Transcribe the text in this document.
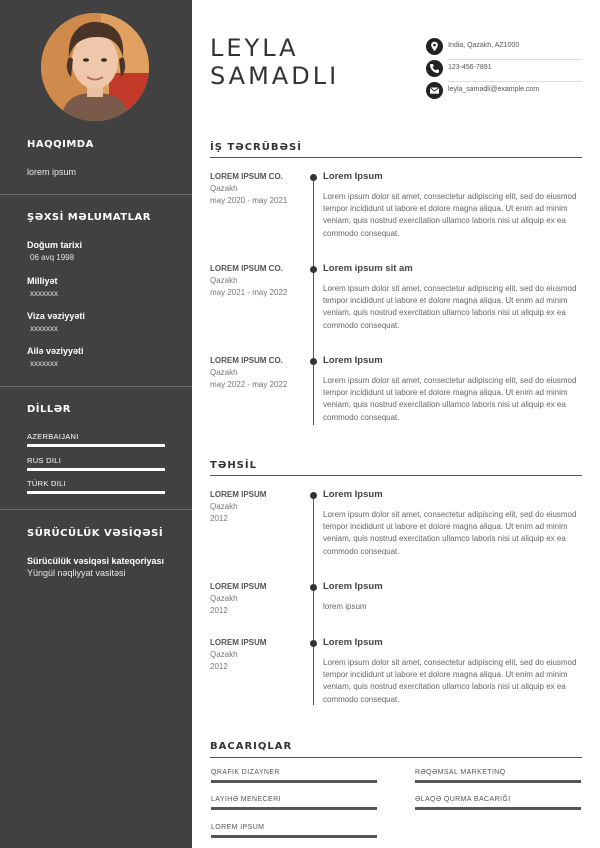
HAQQIMDA
lorem ipsum
ŞƏXSİ MƏLUMATLAR
Doğum tarixi
06 avq 1998
Milliyət
xxxxxxx
Viza vəziyyəti
xxxxxxx
Ailə vəziyyəti
xxxxxxx
DİLLƏR
AZERBAIJANI
RUS DILI
TÜRK DILI
SÜRÜCÜLÜK VƏSİQƏSİ
Sürücülük vəsiqəsi kateqoriyası
Yüngül nəqliyyat vasitəsi
LEYLA
SAMADLI
India, Qazakh, AZ1000
123-456-7891
leyla_samadli@example.com
İŞ TƏCRÜBƏSİ
LOREM IPSUM CO.
Qazakh
may 2020 - may 2021
Lorem Ipsum
Lorem ipsum dolor sit amet, consectetur adipiscing elit, sed do eiusmod tempor incididunt ut labore et dolore magna aliqua. Ut enim ad minim veniam, quis nostrud exercitation ullamco laboris nisi ut aliquip ex ea commodo consequat.
LOREM IPSUM CO.
Qazakh
may 2021 - may 2022
Lorem ipsum sit am
Lorem ipsum dolor sit amet, consectetur adipiscing elit, sed do eiusmod tempor incididunt ut labore et dolore magna aliqua. Ut enim ad minim veniam, quis nostrud exercitation ullamco laboris nisi ut aliquip ex ea commodo consequat.
LOREM IPSUM CO.
Qazakh
may 2022 - may 2022
Lorem Ipsum
Lorem ipsum dolor sit amet, consectetur adipiscing elit, sed do eiusmod tempor incididunt ut labore et dolore magna aliqua. Ut enim ad minim veniam, quis nostrud exercitation ullamco laboris nisi ut aliquip ex ea commodo consequat.
TƏHSİL
LOREM IPSUM
Qazakh
2012
Lorem Ipsum
Lorem ipsum dolor sit amet, consectetur adipiscing elit, sed do eiusmod tempor incididunt ut labore et dolore magna aliqua. Ut enim ad minim veniam, quis nostrud exercitation ullamco laboris nisi ut aliquip ex ea commodo consequat.
LOREM IPSUM
Qazakh
2012
Lorem Ipsum
lorem ipsum
LOREM IPSUM
Qazakh
2012
Lorem Ipsum
Lorem ipsum dolor sit amet, consectetur adipiscing elit, sed do eiusmod tempor incididunt ut labore et dolore magna aliqua. Ut enim ad minim veniam, quis nostrud exercitation ullamco laboris nisi ut aliquip ex ea commodo consequat.
BACARIQLAR
QRAFIK DIZAYNER	RƏQƏMSAL MARKETINQ
LAYIHƏ MENECERI	ƏLAQƏ QURMA BACARIĞI
LOREM IPSUM
